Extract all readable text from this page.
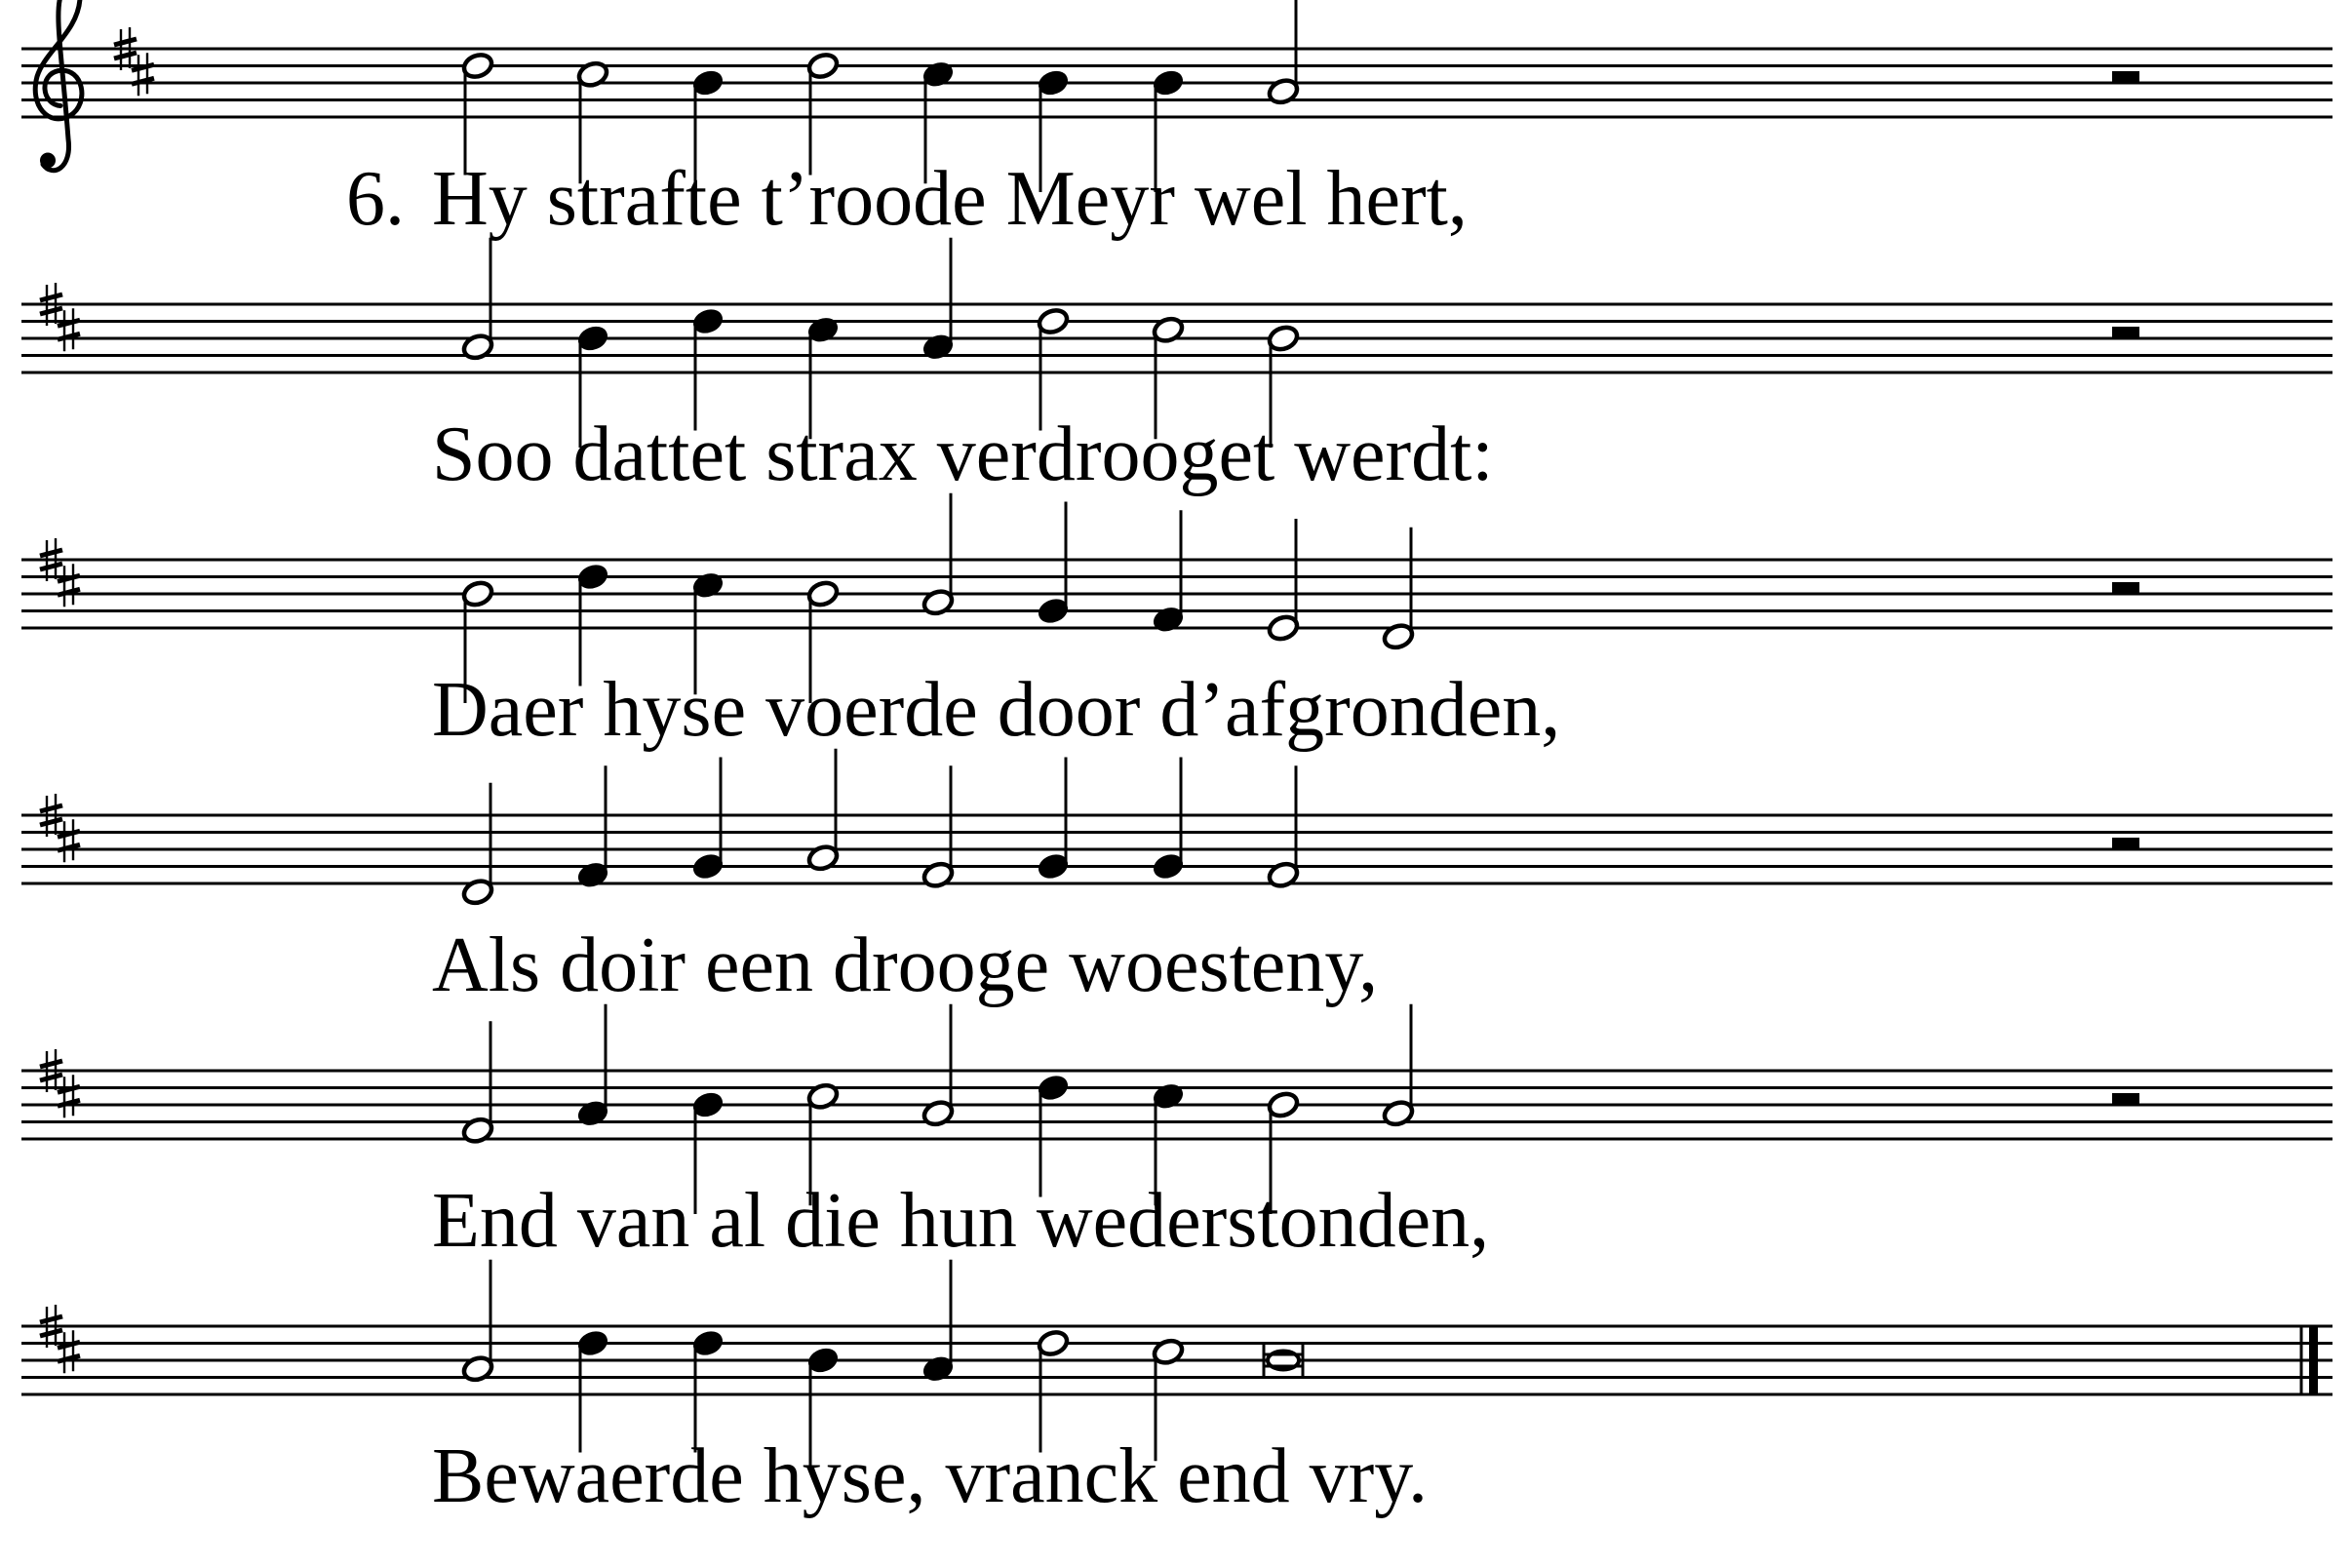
6. Hy strafte t’roode Meyr wel hert,
Soo dattet strax verdrooget werdt:
Daer hyse voerde door d’afgronden,
Als doir een drooge woesteny,
End van al die hun wederstonden,
Bewaerde hyse, vranck end vry.
